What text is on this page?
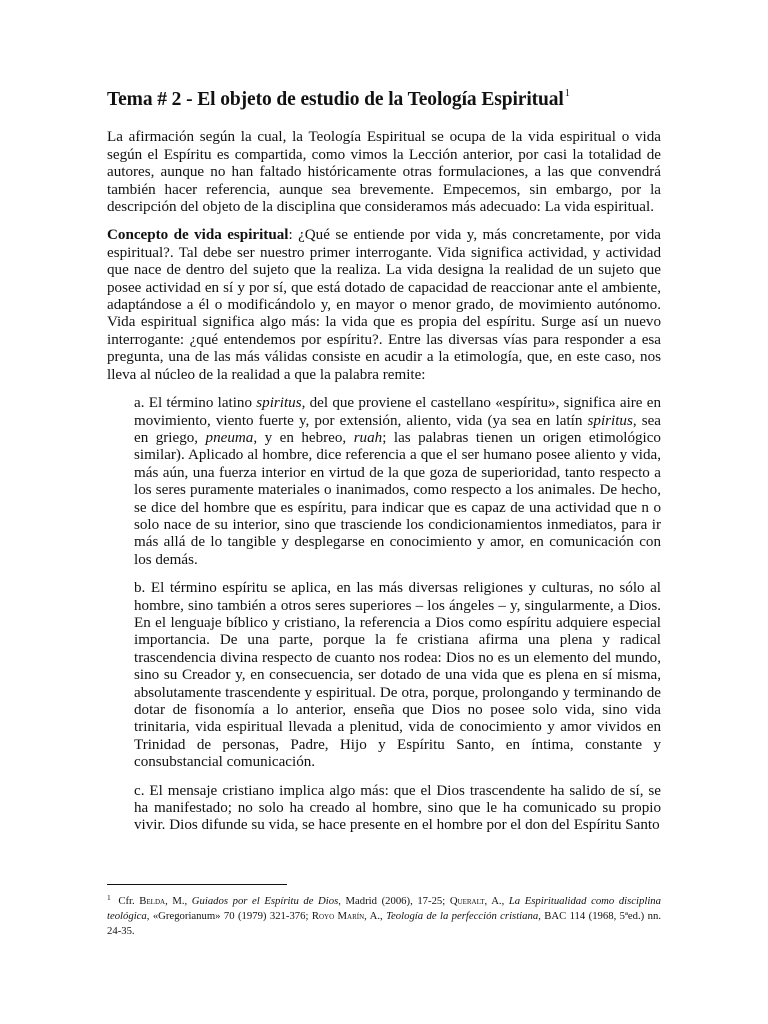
Tema # 2 - El objeto de estudio de la Teología Espiritual$^1$

La afirmación según la cual, la Teología Espiritual se ocupa de la vida espiritual o vida según el Espíritu es compartida, como vimos la Lección anterior, por casi la totalidad de autores, aunque no han faltado históricamente otras formulaciones, a las que convendrá también hacer referencia, aunque sea brevemente. Empecemos, sin embargo, por la descripción del objeto de la disciplina que consideramos más adecuado: La vida espiritual.

Concepto de vida espiritual: ¿Qué se entiende por vida y, más concretamente, por vida espiritual?. Tal debe ser nuestro primer interrogante. Vida significa actividad, y actividad que nace de dentro del sujeto que la realiza. La vida designa la realidad de un sujeto que posee actividad en sí y por sí, que está dotado de capacidad de reaccionar ante el ambiente, adaptándose a él o modificándolo y, en mayor o menor grado, de movimiento autónomo. Vida espiritual significa algo más: la vida que es propia del espíritu. Surge así un nuevo interrogante: ¿qué entendemos por espíritu?. Entre las diversas vías para responder a esa pregunta, una de las más válidas consiste en acudir a la etimología, que, en este caso, nos lleva al núcleo de la realidad a que la palabra remite:

a. El término latino spiritus, del que proviene el castellano «espíritu», significa aire en movimiento, viento fuerte y, por extensión, aliento, vida (ya sea en latín spiritus, sea en griego, pneuma, y en hebreo, ruah; las palabras tienen un origen etimológico similar). Aplicado al hombre, dice referencia a que el ser humano posee aliento y vida, más aún, una fuerza interior en virtud de la que goza de superioridad, tanto respecto a los seres puramente materiales o inanimados, como respecto a los animales. De hecho, se dice del hombre que es espíritu, para indicar que es capaz de una actividad que n o solo nace de su interior, sino que trasciende los condicionamientos inmediatos, para ir más allá de lo tangible y desplegarse en conocimiento y amor, en comunicación con los demás.

b. El término espíritu se aplica, en las más diversas religiones y culturas, no sólo al hombre, sino también a otros seres superiores – los ángeles – y, singularmente, a Dios. En el lenguaje bíblico y cristiano, la referencia a Dios como espíritu adquiere especial importancia. De una parte, porque la fe cristiana afirma una plena y radical trascendencia divina respecto de cuanto nos rodea: Dios no es un elemento del mundo, sino su Creador y, en consecuencia, ser dotado de una vida que es plena en sí misma, absolutamente trascendente y espiritual. De otra, porque, prolongando y terminando de dotar de fisonomía a lo anterior, enseña que Dios no posee solo vida, sino vida trinitaria, vida espiritual llevada a plenitud, vida de conocimiento y amor vividos en Trinidad de personas, Padre, Hijo y Espíritu Santo, en íntima, constante y consubstancial comunicación.

c. El mensaje cristiano implica algo más: que el Dios trascendente ha salido de sí, se ha manifestado; no solo ha creado al hombre, sino que le ha comunicado su propio vivir. Dios difunde su vida, se hace presente en el hombre por el don del Espíritu Santo

$^1$ Cfr. Belda, M., Guiados por el Espíritu de Dios, Madrid (2006), 17-25; Queralt, A., La Espiritualidad como disciplina teológica, «Gregorianum» 70 (1979) 321-376; Royo Marín, A., Teología de la perfección cristiana, BAC 114 (1968, 5ªed.) nn. 24-35.
